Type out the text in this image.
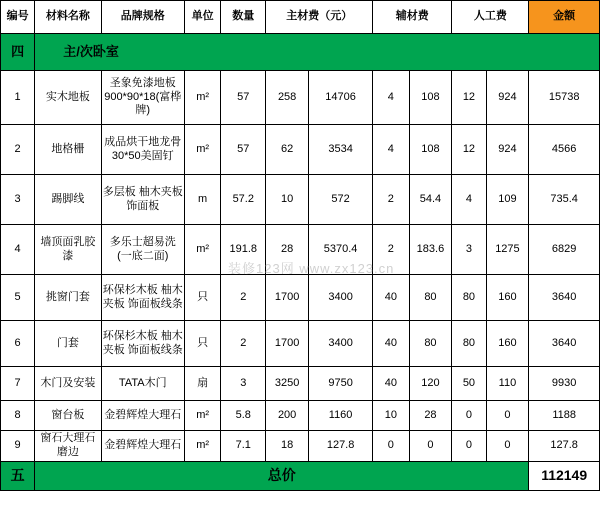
编号	材料名称	品牌规格	单位	数量	主材费（元）		辅材费		人工费		金额
四	主/次卧室										
1	实木地板	圣象免漆地板900*90*18(富桦牌)	m²	57	258	14706	4	108	12	924	15738
2	地格栅	成品烘干地龙骨30*50美固钉	m²	57	62	3534	4	108	12	924	4566
3	踢脚线	多层板 柚木夹板 饰面板	m	57.2	10	572	2	54.4	4	109	735.4
4	墙顶面乳胶漆	多乐士超易洗(一底二面)	m²	191.8	28	5370.4	2	183.6	3	1275	6829
5	挑窗门套	环保杉木板 柚木夹板 饰面板线条	只	2	1700	3400	40	80	80	160	3640
6	门套	环保杉木板 柚木夹板 饰面板线条	只	2	1700	3400	40	80	80	160	3640
7	木门及安装	TATA木门	扇	3	3250	9750	40	120	50	110	9930
8	窗台板	金碧辉煌大理石	m²	5.8	200	1160	10	28	0	0	1188
9	窗石大理石磨边	金碧辉煌大理石	m²	7.1	18	127.8	0	0	0	0	127.8
五	总价										112149
装修123网 www.zx123.cn
